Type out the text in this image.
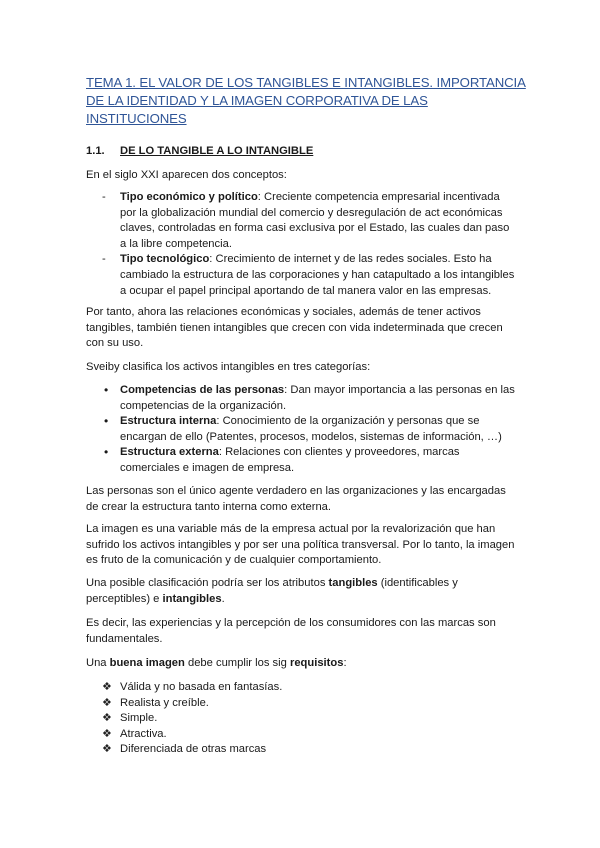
TEMA 1. EL VALOR DE LOS TANGIBLES E INTANGIBLES. IMPORTANCIA DE LA IDENTIDAD Y LA IMAGEN CORPORATIVA DE LAS INSTITUCIONES
1.1. DE LO TANGIBLE A LO INTANGIBLE

En el siglo XXI aparecen dos conceptos:

-	Tipo económico y político: Creciente competencia empresarial incentivada por la globalización mundial del comercio y desregulación de act económicas claves, controladas en forma casi exclusiva por el Estado, las cuales dan paso a la libre competencia.
-	Tipo tecnológico: Crecimiento de internet y de las redes sociales. Esto ha cambiado la estructura de las corporaciones y han catapultado a los intangibles a ocupar el papel principal aportando de tal manera valor en las empresas.

Por tanto, ahora las relaciones económicas y sociales, además de tener activos tangibles, también tienen intangibles que crecen con vida indeterminada que crecen con su uso.

Sveiby clasifica los activos intangibles en tres categorías:

•	Competencias de las personas: Dan mayor importancia a las personas en las competencias de la organización.
•	Estructura interna: Conocimiento de la organización y personas que se encargan de ello (Patentes, procesos, modelos, sistemas de información, …)
•	Estructura externa: Relaciones con clientes y proveedores, marcas comerciales e imagen de empresa.

Las personas son el único agente verdadero en las organizaciones y las encargadas de crear la estructura tanto interna como externa.

La imagen es una variable más de la empresa actual por la revalorización que han sufrido los activos intangibles y por ser una política transversal. Por lo tanto, la imagen es fruto de la comunicación y de cualquier comportamiento.

Una posible clasificación podría ser los atributos tangibles (identificables y perceptibles) e intangibles.

Es decir, las experiencias y la percepción de los consumidores con las marcas son fundamentales.

Una buena imagen debe cumplir los sig requisitos:

❖ Válida y no basada en fantasías.
❖ Realista y creíble.
❖ Simple.
❖ Atractiva.
❖ Diferenciada de otras marcas
